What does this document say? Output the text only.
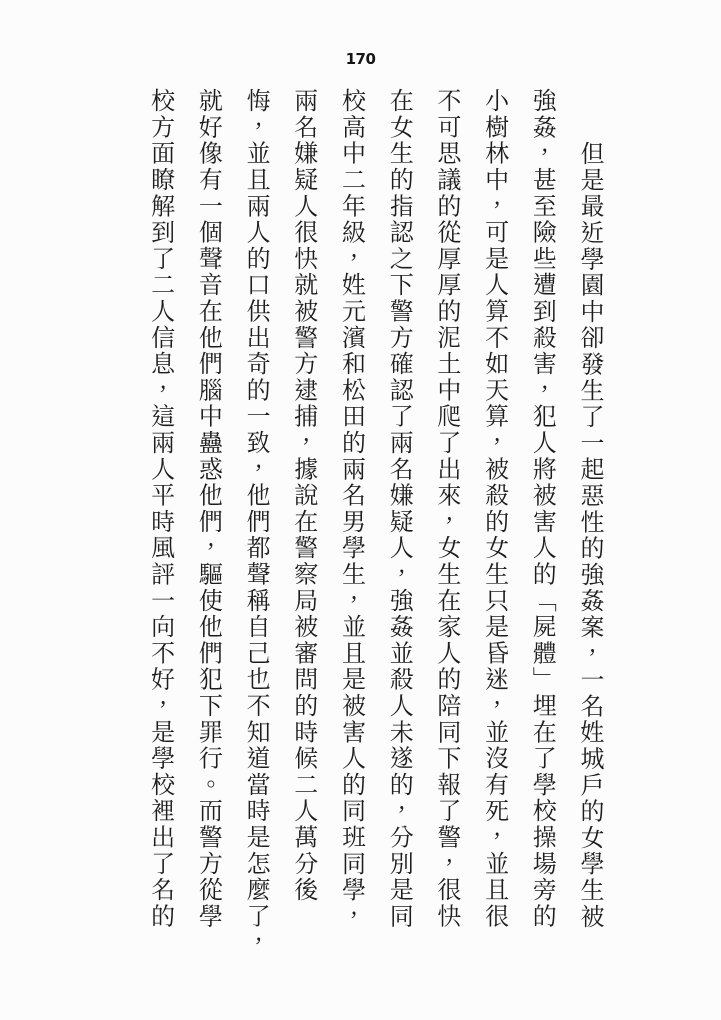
170
但是最近學園中卻發生了一起惡性的強姦案，一名姓城戶的女學生被
強姦，甚至險些遭到殺害，犯人將被害人的「屍體」埋在了學校操場旁的
小樹林中，可是人算不如天算，被殺的女生只是昏迷，並沒有死，並且很
不可思議的從厚厚的泥土中爬了出來，女生在家人的陪同下報了警，很快
在女生的指認之下警方確認了兩名嫌疑人，強姦並殺人未遂的，分別是同
校高中二年級，姓元濱和松田的兩名男學生，並且是被害人的同班同學，
兩名嫌疑人很快就被警方逮捕，據說在警察局被審問的時候二人萬分後
悔，並且兩人的口供出奇的一致，他們都聲稱自己也不知道當時是怎麼了，
就好像有一個聲音在他們腦中蠱惑他們，驅使他們犯下罪行。而警方從學
校方面瞭解到了二人信息，這兩人平時風評一向不好，是學校裡出了名的
